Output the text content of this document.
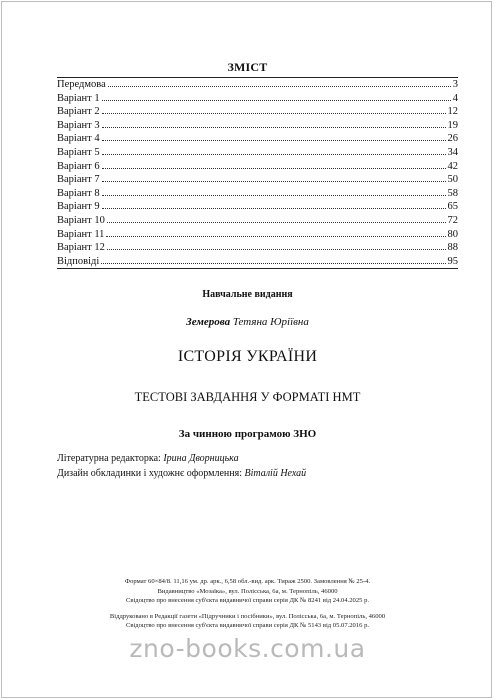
ЗМІСТ
Передмова	3
Варіант 1	4
Варіант 2	12
Варіант 3	19
Варіант 4	26
Варіант 5	34
Варіант 6	42
Варіант 7	50
Варіант 8	58
Варіант 9	65
Варіант 10	72
Варіант 11	80
Варіант 12	88
Відповіді	95
Навчальне видання
Земерова Тетяна Юріївна
ІСТОРІЯ УКРАЇНИ
ТЕСТОВІ ЗАВДАННЯ У ФОРМАТІ НМТ
За чинною програмою ЗНО
Літературна редакторка: Ірина Дворницька
Дизайн обкладинки і художнє оформлення: Віталій Нехай
Формат 60×84/8. 11,16 ум. др. арк., 6,58 обл.-вид. арк. Тираж 2500. Замовлення № 25-4.
Видавництво «Мозаїка», вул. Полісська, 6а, м. Тернопіль, 46000
Свідоцтво про внесення суб'єкта видавничої справи серія ДК № 8241 від 24.04.2025 р.
Віддруковано в Редакції газети «Підручники і посібники», вул. Полісська, 6а, м. Тернопіль, 46000
Свідоцтво про внесення суб'єкта видавничої справи серія ДК № 5143 від 05.07.2016 р.
zno-books.com.ua
